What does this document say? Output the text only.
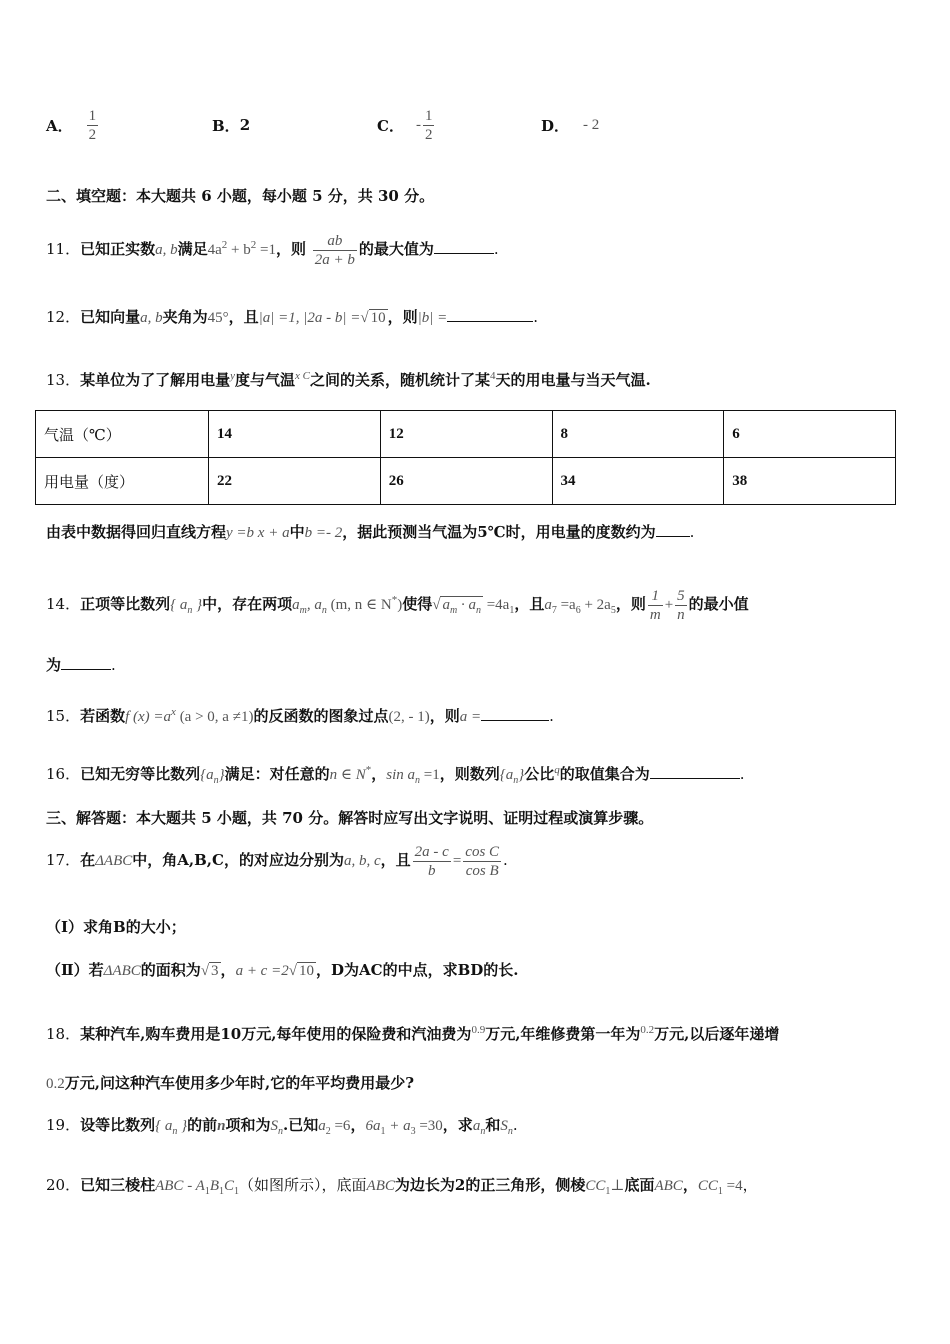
A． $\frac{1}{2}$	B． 2	C． - $\frac{1}{2}$	D． - 2
二、填空题：本大题共 6 小题，每小题 5 分，共 30 分。
11．已知正实数a, b满足$4a^2 + b^2 =1$，则 $\frac{ab}{2a + b}$ 的最大值为	.
12．已知向量a, b夹角为45°，且|a| =1, |2a - b| =√ 10 ，则|b| =	.
13．某单位为了了解用电量$^y$度与气温$^{x C}$之间的关系，随机统计了某$^4$天的用电量与当天气温.
气温（℃）	14	12	8	6
用电量（度）	22	26	34	38
由表中数据得回归直线方程y =b x + a中b =- 2，据此预测当气温为5℃时，用电量的度数约为 .
14．正项等比数列{ $a_n$ }中，存在两项$a_m$, $a_n$ (m, n ∈ N*)使得√ $a_m \cdot a_n =4a_1$，且$a_7 =a_6 + 2a_5$，则 $\frac{1}{m} + \frac{5}{n}$ 的最小值
为	.
15．若函数f $(x) =a^x$ (a > 0, a ≠1)的反函数的图象过点(2, - 1)，则a =	.
16．已知无穷等比数列$\{a_n\}$满足：对任意的n ∈ N*，$\sin a_n =1$，则数列$\{a_n\}$公比$^q$的取值集合为	.
三、解答题：本大题共 5 小题，共 70 分。解答时应写出文字说明、证明过程或演算步骤。
17．在ΔABC中，角A,B,C，的对应边分别为a, b, c，且 $\frac{2a - c}{b} = \frac{\text{cos C}}{\text{cos B}}$ .
（Ⅰ）求角B的大小；
（Ⅱ）若ΔABC的面积为√ 3 ，a + c =2√ 10 ，D为AC的中点，求BD的长.
18．某种汽车,购车费用是10万元,每年使用的保险费和汽油费为$^{0.9}$万元,年维修费第一年为$^{0.2}$万元,以后逐年递增
0.2万元,问这种汽车使用多少年时,它的年平均费用最少?
19．设等比数列{ $a_n$ }的前n项和为$S_n$.已知$a_2 =6$，$6a_1 + a_3 =30$，求$a_n$和$S_n$.
20．已知三棱柱ABC - $A_1B_1C_1$（如图所示），底面ABC为边长为2的正三角形，侧棱$CC_1\perp$底面ABC，$CC_1 =4$，
